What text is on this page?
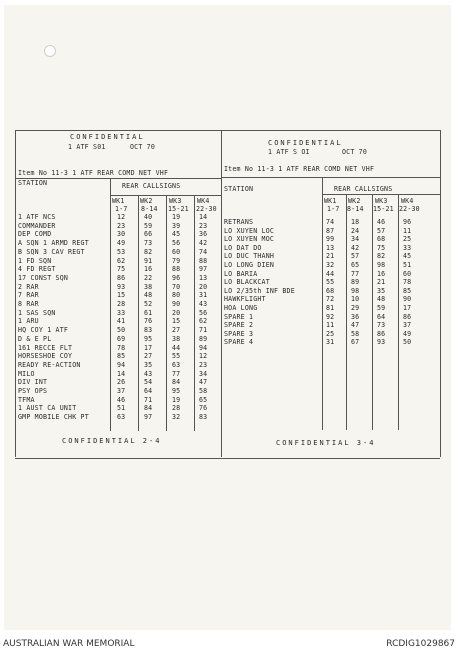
CONFIDENTIAL
1 ATF S01	OCT 70
Item No 11-3 1 ATF REAR COMD NET VHF
CONFIDENTIAL
1 ATF S OI	OCT 70
Item No 11-3 1 ATF REAR COMD NET VHF
STATION	REAR CALLSIGNS
WK1 WK2 WK3 WK4
1-7 8-14 15-21 22-30
STATION	REAR CALLSIGNS
WK1 WK2 WK3 WK4
1-7 8-14 15-21 22-30
1 ATF NCS	12	40	19	14
COMMANDER	23	59	39	23
DEP COMD	30	66	45	36
A SQN 1 ARMD REGT	49	73	56	42
B SQN 3 CAV REGT	53	82	60	74
1 FD SQN	62	91	79	88
4 FD REGT	75	16	88	97
17 CONST SQN	86	22	96	13
2 RAR	93	38	70	20
7 RAR	15	48	80	31
8 RAR	28	52	90	43
1 SAS SQN	33	61	20	56
1 ARU	41	76	15	62
HQ COY 1 ATF	50	83	27	71
D & E PL	69	95	38	89
161 RECCE FLT	78	17	44	94
HORSESHOE COY	85	27	55	12
READY RE-ACTION	94	35	63	23
MILO	14	43	77	34
DIV INT	26	54	84	47
PSY OPS	37	64	95	58
TFMA	46	71	19	65
1 AUST CA UNIT	51	84	28	76
GMP MOBILE CHK PT	63	97	32	83
RETRANS	74	18	46	96
LO XUYEN LOC	87	24	57	11
LO XUYEN MOC	99	34	68	25
LO DAT DO	13	42	75	33
LO DUC THANH	21	57	82	45
LO LONG DIEN	32	65	98	51
LO BARIA	44	77	16	60
LO BLACKCAT	55	89	21	78
LO 2/35th INF BDE	68	98	35	85
HAWKFLIGHT	72	10	48	90
HOA LONG	81	29	59	17
SPARE 1	92	36	64	86
SPARE 2	11	47	73	37
SPARE 3	25	58	86	49
SPARE 4	31	67	93	50
CONFIDENTIAL 2-4	CONFIDENTIAL 3-4
AUSTRALIAN WAR MEMORIAL	RCDIG1029867
